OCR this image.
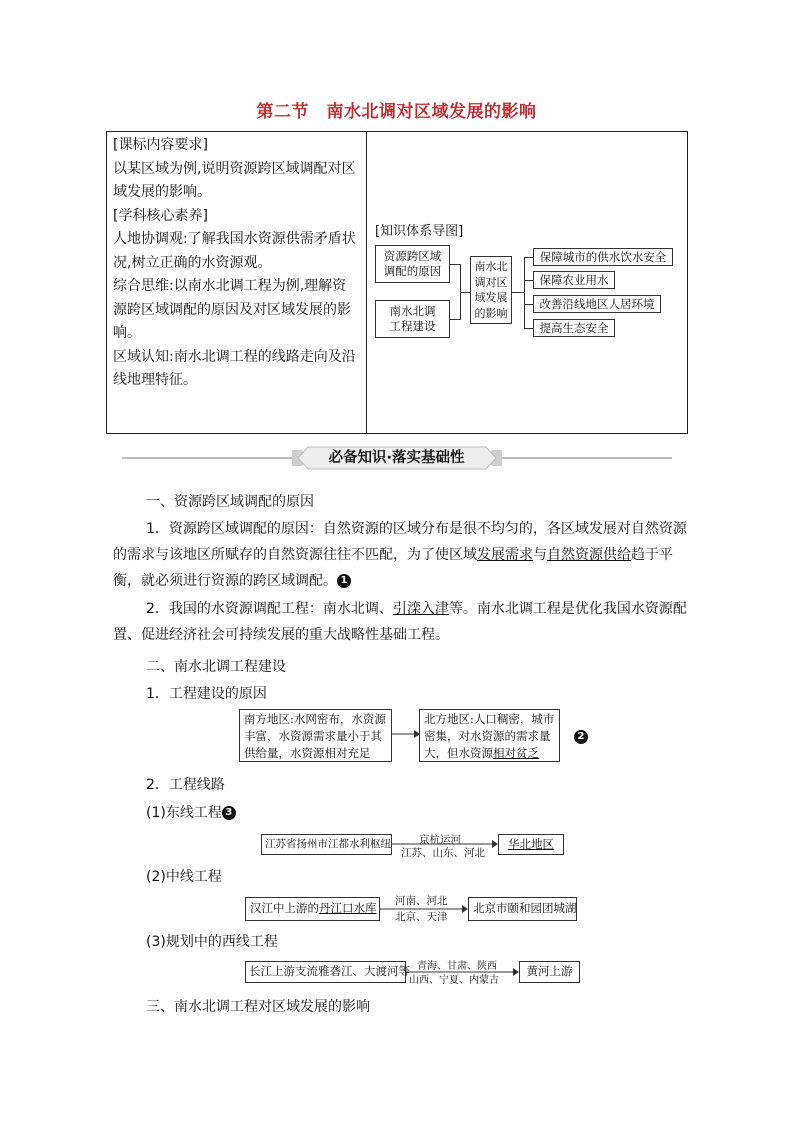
第二节　南水北调对区域发展的影响

[课标内容要求]

以某区域为例,说明资源跨区域调配对区

域发展的影响。

[学科核心素养]

人地协调观:了解我国水资源供需矛盾状

况,树立正确的水资源观。

综合思维:以南水北调工程为例,理解资

源跨区域调配的原因及对区域发展的影

响。

区域认知:南水北调工程的线路走向及沿

线地理特征。

[知识体系导图]
资源跨区域
调配的原因
南水北调
工程建设
南水北
调对区
域发展
的影响
保障城市的供水饮水安全
保障农业用水
改善沿线地区人居环境
提高生态安全
必备知识·落实基础性
一、资源跨区域调配的原因
1．资源跨区域调配的原因：自然资源的区域分布是很不均匀的，各区域发展对自然资源
的需求与该地区所赋存的自然资源往往不匹配，为了使区域发展需求与自然资源供给趋于平
衡，就必须进行资源的跨区域调配。 1
2．我国的水资源调配工程：南水北调、引滦入津等。南水北调工程是优化我国水资源配
置、促进经济社会可持续发展的重大战略性基础工程。
二、南水北调工程建设
1．工程建设的原因
南方地区:水网密布，水资源
丰富，水资源需求量小于其
供给量，水资源相对充足
北方地区:人口稠密，城市
密集，对水资源的需求量
大，但水资源相对贫乏
2
2．工程线路
(1)东线工程 3
江苏省扬州市江都水利枢纽	京杭运河
江苏、山东、河北
华北地区
(2)中线工程
汉江中上游的丹江口水库	河南、河北
北京、天津
北京市颐和园团城湖
(3)规划中的西线工程
长江上游支流雅砻江、大渡河等 青海、甘肃、陕西
山西、宁夏、内蒙古
黄河上游
三、南水北调工程对区域发展的影响
